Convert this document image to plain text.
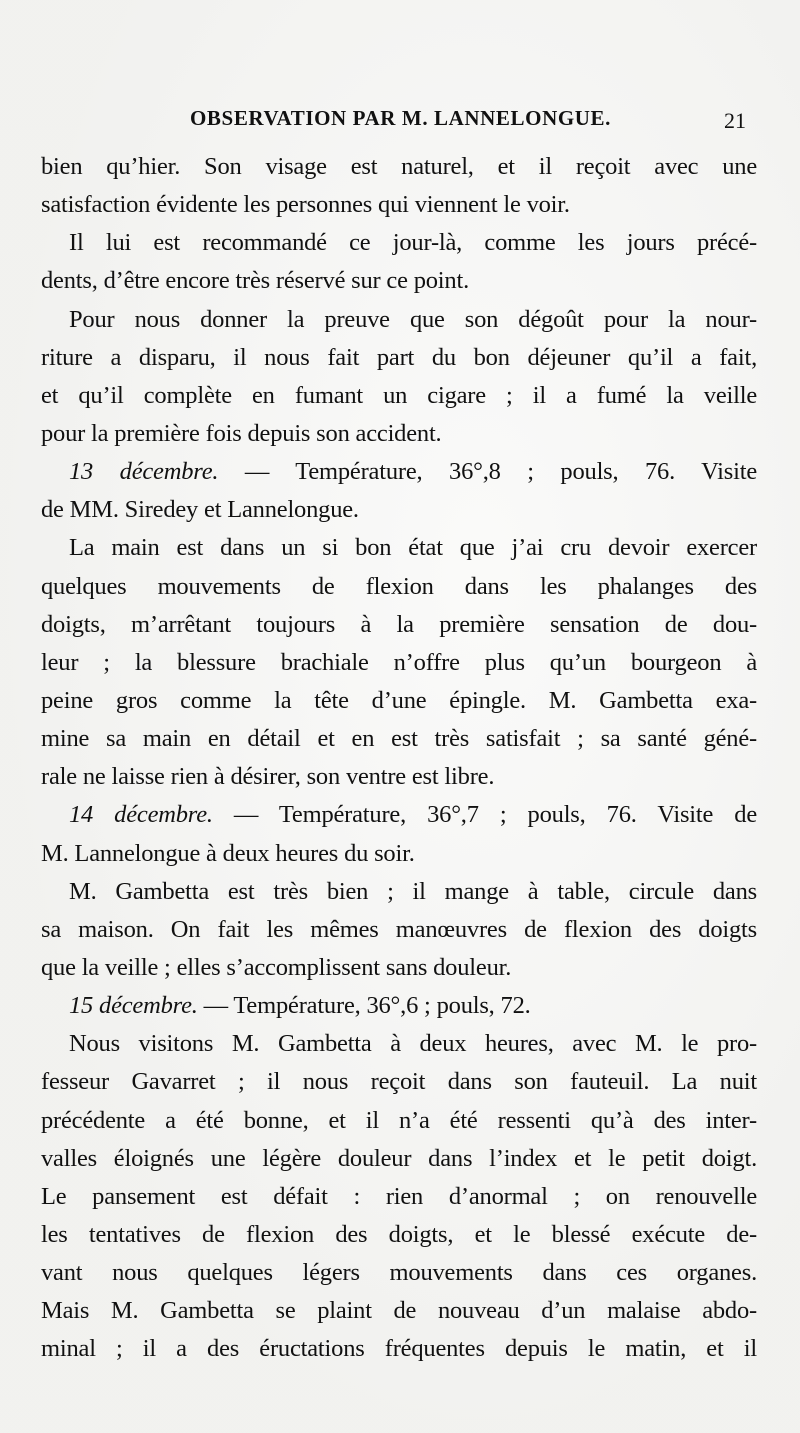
OBSERVATION PAR M. LANNELONGUE.	21
bien qu’hier. Son visage est naturel, et il reçoit avec une
satisfaction évidente les personnes qui viennent le voir.
Il lui est recommandé ce jour-là, comme les jours précé-
dents, d’être encore très réservé sur ce point.
Pour nous donner la preuve que son dégoût pour la nour-
riture a disparu, il nous fait part du bon déjeuner qu’il a fait,
et qu’il complète en fumant un cigare ; il a fumé la veille
pour la première fois depuis son accident.
13 décembre. — Température, 36°,8 ; pouls, 76. Visite
de MM. Siredey et Lannelongue.
La main est dans un si bon état que j’ai cru devoir exercer
quelques mouvements de flexion dans les phalanges des
doigts, m’arrêtant toujours à la première sensation de dou-
leur ; la blessure brachiale n’offre plus qu’un bourgeon à
peine gros comme la tête d’une épingle. M. Gambetta exa-
mine sa main en détail et en est très satisfait ; sa santé géné-
rale ne laisse rien à désirer, son ventre est libre.
14 décembre. — Température, 36°,7 ; pouls, 76. Visite de
M. Lannelongue à deux heures du soir.
M. Gambetta est très bien ; il mange à table, circule dans
sa maison. On fait les mêmes manœuvres de flexion des doigts
que la veille ; elles s’accomplissent sans douleur.
15 décembre. — Température, 36°,6 ; pouls, 72.
Nous visitons M. Gambetta à deux heures, avec M. le pro-
fesseur Gavarret ; il nous reçoit dans son fauteuil. La nuit
précédente a été bonne, et il n’a été ressenti qu’à des inter-
valles éloignés une légère douleur dans l’index et le petit doigt.
Le pansement est défait : rien d’anormal ; on renouvelle
les tentatives de flexion des doigts, et le blessé exécute de-
vant nous quelques légers mouvements dans ces organes.
Mais M. Gambetta se plaint de nouveau d’un malaise abdo-
minal ; il a des éructations fréquentes depuis le matin, et il
